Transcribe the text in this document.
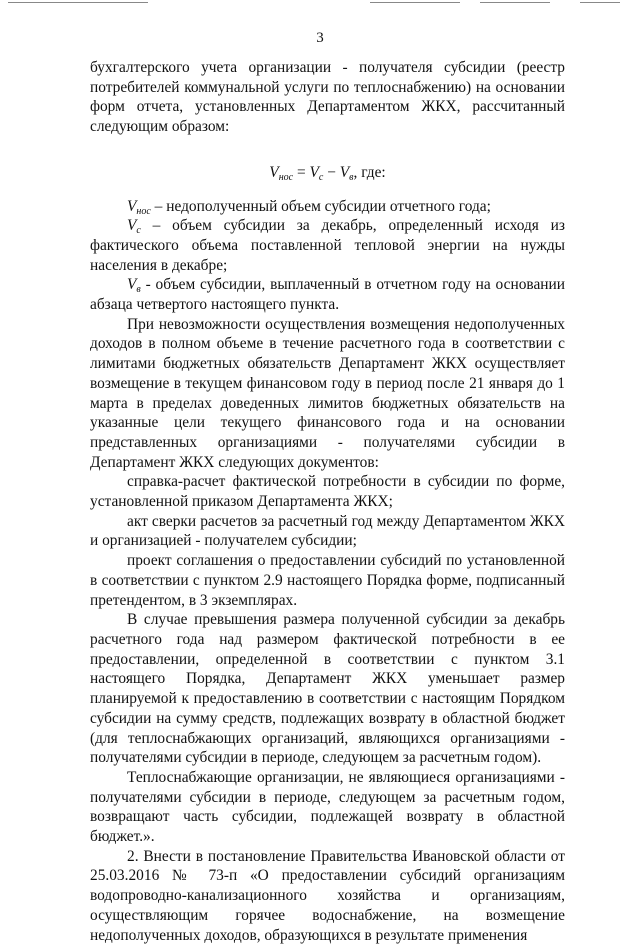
3

бухгалтерского учета организации - получателя субсидии (реестр потребителей коммунальной услуги по теплоснабжению) на основании форм отчета, установленных Департаментом ЖКХ, рассчитанный следующим образом:

$V_{нос} = V_с - V_в$, где:

$V_{нос}$ – недополученный объем субсидии отчетного года;

$V_с$ – объем субсидии за декабрь, определенный исходя из фактического объема поставленной тепловой энергии на нужды населения в декабре;

$V_в$ - объем субсидии, выплаченный в отчетном году на основании абзаца четвертого настоящего пункта.

При невозможности осуществления возмещения недополученных доходов в полном объеме в течение расчетного года в соответствии с лимитами бюджетных обязательств Департамент ЖКХ осуществляет возмещение в текущем финансовом году в период после 21 января до 1 марта в пределах доведенных лимитов бюджетных обязательств на указанные цели текущего финансового года и на основании представленных организациями - получателями субсидии в Департамент ЖКХ следующих документов:

справка-расчет фактической потребности в субсидии по форме, установленной приказом Департамента ЖКХ;

акт сверки расчетов за расчетный год между Департаментом ЖКХ и организацией - получателем субсидии;

проект соглашения о предоставлении субсидий по установленной в соответствии с пунктом 2.9 настоящего Порядка форме, подписанный претендентом, в 3 экземплярах.

В случае превышения размера полученной субсидии за декабрь расчетного года над размером фактической потребности в ее предоставлении, определенной в соответствии с пунктом 3.1 настоящего Порядка, Департамент ЖКХ уменьшает размер планируемой к предоставлению в соответствии с настоящим Порядком субсидии на сумму средств, подлежащих возврату в областной бюджет (для теплоснабжающих организаций, являющихся организациями - получателями субсидии в периоде, следующем за расчетным годом).

Теплоснабжающие организации, не являющиеся организациями - получателями субсидии в периоде, следующем за расчетным годом, возвращают часть субсидии, подлежащей возврату в областной бюджет.».

2. Внести в постановление Правительства Ивановской области от 25.03.2016 № 73-п «О предоставлении субсидий организациям водопроводно-канализационного хозяйства и организациям, осуществляющим горячее водоснабжение, на возмещение недополученных доходов, образующихся в результате применения
